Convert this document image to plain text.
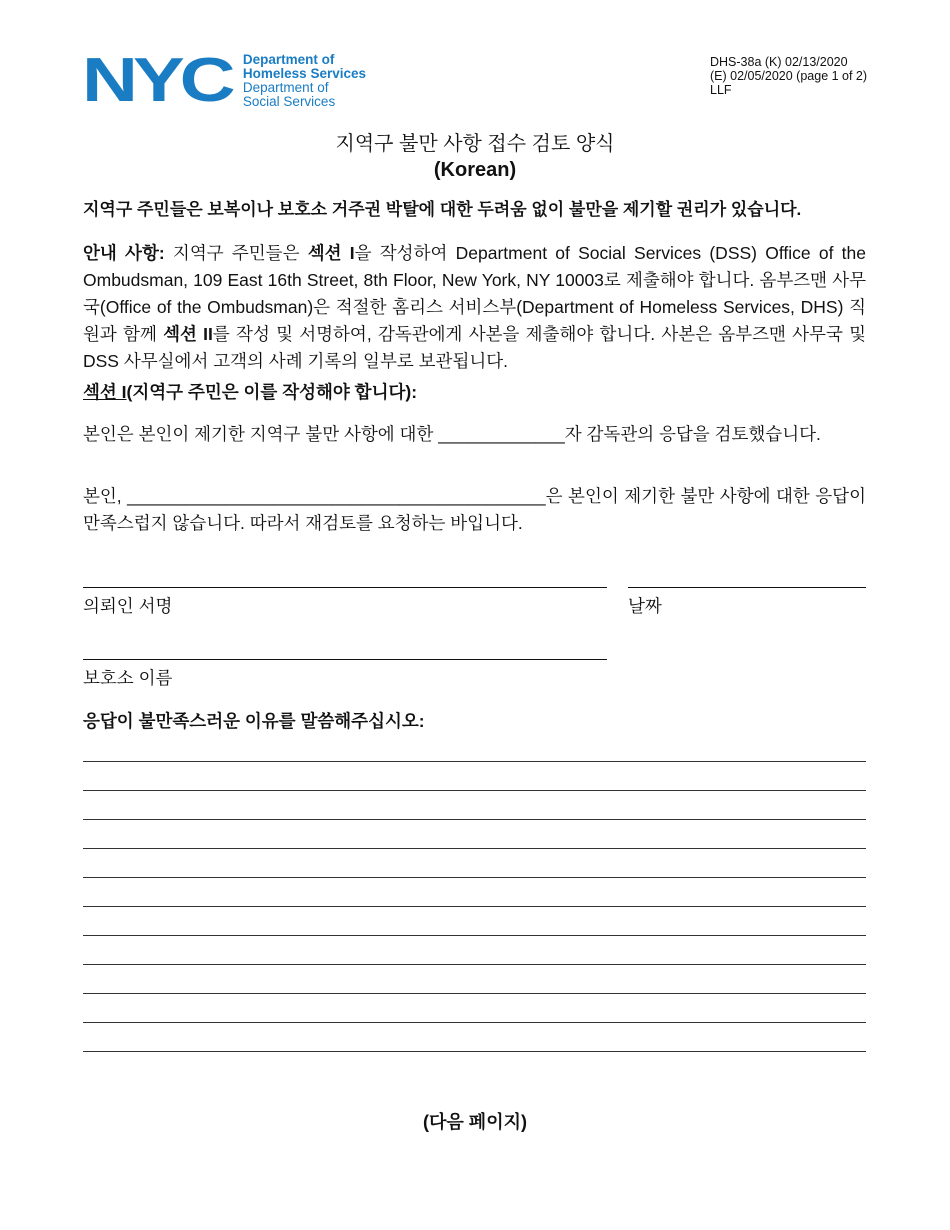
NYC Department of
Homeless Services
Department of
Social Services
DHS-38a (K) 02/13/2020
(E) 02/05/2020 (page 1 of 2)
LLF
지역구 불만 사항 접수 검토 양식
(Korean)
지역구 주민들은 보복이나 보호소 거주권 박탈에 대한 두려움 없이 불만을 제기할 권리가 있습니다.
안내 사항: 지역구 주민들은 섹션 I을 작성하여 Department of Social Services (DSS) Office of the Ombudsman, 109 East 16th Street, 8th Floor, New York, NY 10003로 제출해야 합니다. 옴부즈맨 사무국(Office of the Ombudsman)은 적절한 홈리스 서비스부(Department of Homeless Services, DHS) 직원과 함께 섹션 II를 작성 및 서명하여, 감독관에게 사본을 제출해야 합니다. 사본은 옴부즈맨 사무국 및 DSS 사무실에서 고객의 사례 기록의 일부로 보관됩니다.
섹션 I(지역구 주민은 이를 작성해야 합니다):
본인은 본인이 제기한 지역구 불만 사항에 대한 _____________자 감독관의 응답을 검토했습니다.
본인, ___________________________________________은 본인이 제기한 불만 사항에 대한 응답이 만족스럽지 않습니다. 따라서 재검토를 요청하는 바입니다.
의뢰인 서명	날짜
보호소 이름
응답이 불만족스러운 이유를 말씀해주십시오:
(다음 페이지)
